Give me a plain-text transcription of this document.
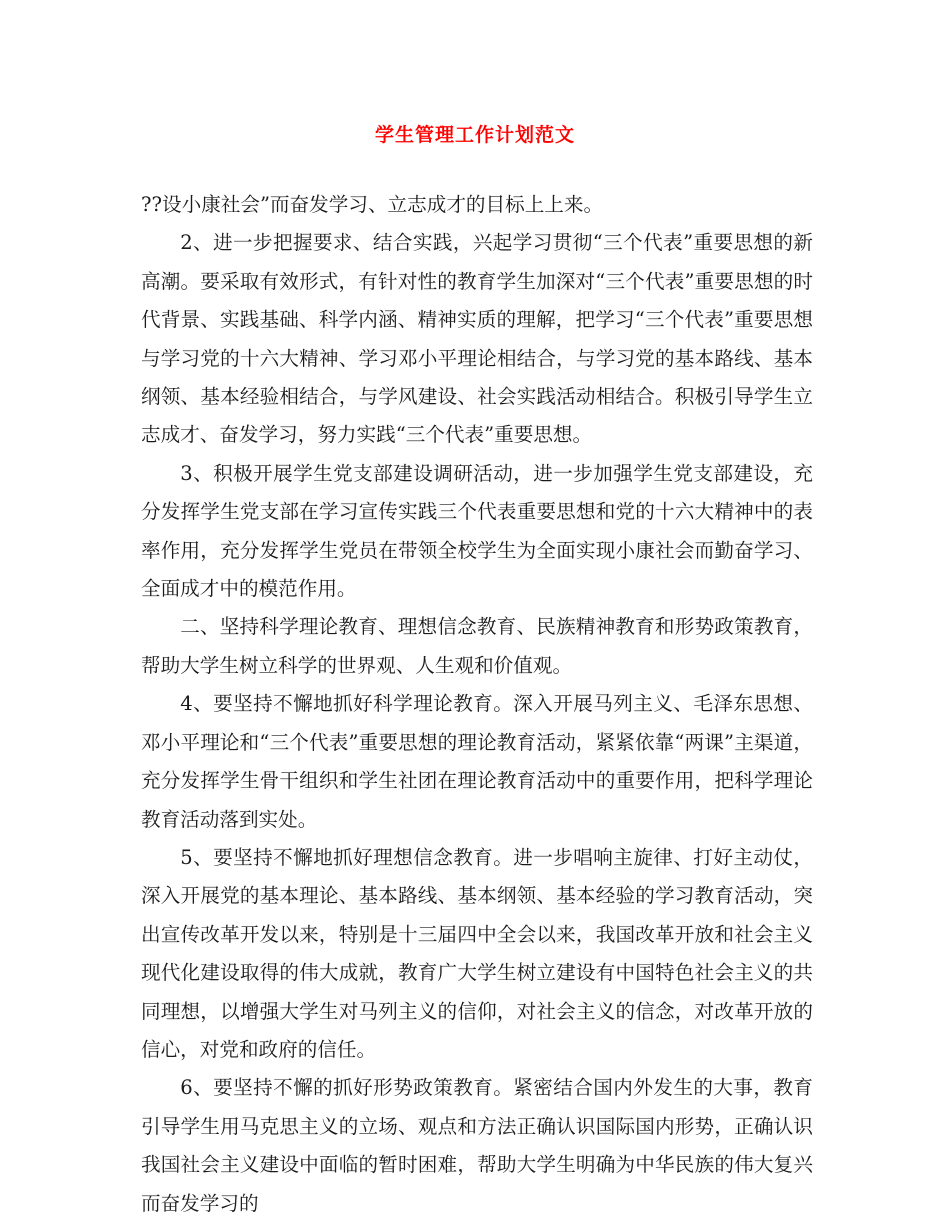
学生管理工作计划范文

??设小康社会”而奋发学习、立志成才的目标上上来。

2、进一步把握要求、结合实践，兴起学习贯彻“三个代表”重要思想的新高潮。要采取有效形式，有针对性的教育学生加深对“三个代表”重要思想的时代背景、实践基础、科学内涵、精神实质的理解，把学习“三个代表”重要思想与学习党的十六大精神、学习邓小平理论相结合，与学习党的基本路线、基本纲领、基本经验相结合，与学风建设、社会实践活动相结合。积极引导学生立志成才、奋发学习，努力实践“三个代表”重要思想。

3、积极开展学生党支部建设调研活动，进一步加强学生党支部建设，充分发挥学生党支部在学习宣传实践三个代表重要思想和党的十六大精神中的表率作用，充分发挥学生党员在带领全校学生为全面实现小康社会而勤奋学习、全面成才中的模范作用。

二、坚持科学理论教育、理想信念教育、民族精神教育和形势政策教育，帮助大学生树立科学的世界观、人生观和价值观。

4、要坚持不懈地抓好科学理论教育。深入开展马列主义、毛泽东思想、邓小平理论和“三个代表”重要思想的理论教育活动，紧紧依靠“两课”主渠道，充分发挥学生骨干组织和学生社团在理论教育活动中的重要作用，把科学理论教育活动落到实处。

5、要坚持不懈地抓好理想信念教育。进一步唱响主旋律、打好主动仗，深入开展党的基本理论、基本路线、基本纲领、基本经验的学习教育活动，突出宣传改革开发以来，特别是十三届四中全会以来，我国改革开放和社会主义现代化建设取得的伟大成就，教育广大学生树立建设有中国特色社会主义的共同理想，以增强大学生对马列主义的信仰，对社会主义的信念，对改革开放的信心，对党和政府的信任。

6、要坚持不懈的抓好形势政策教育。紧密结合国内外发生的大事，教育引导学生用马克思主义的立场、观点和方法正确认识国际国内形势，正确认识我国社会主义建设中面临的暂时困难，帮助大学生明确为中华民族的伟大复兴而奋发学习的
